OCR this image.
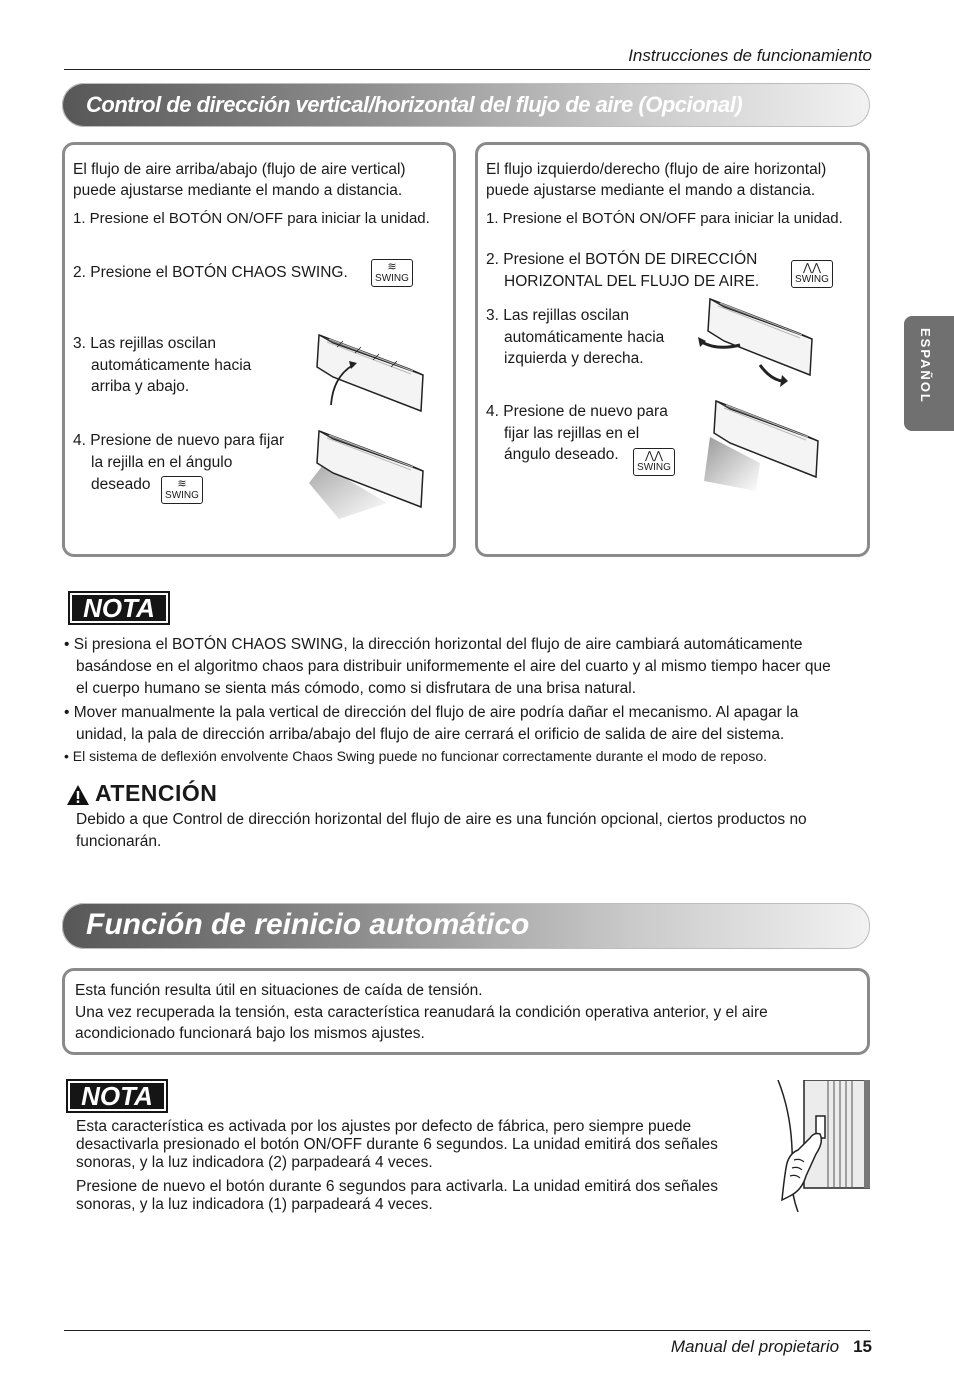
Instrucciones de funcionamiento
ESPAÑOL
Control de dirección vertical/horizontal del flujo de aire (Opcional)
El flujo de aire arriba/abajo (flujo de aire vertical)
puede ajustarse mediante el mando a distancia.
1. Presione el BOTÓN ON/OFF para iniciar la unidad.
2. Presione el BOTÓN CHAOS SWING.	≋
SWING
3. Las rejillas oscilan
automáticamente hacia
arriba y abajo.
4. Presione de nuevo para fijar
la rejilla en el ángulo
deseado	≋
SWING
El flujo izquierdo/derecho (flujo de aire horizontal)
puede ajustarse mediante el mando a distancia.
1. Presione el BOTÓN ON/OFF para iniciar la unidad.
2. Presione el BOTÓN DE DIRECCIÓN
HORIZONTAL DEL FLUJO DE AIRE.
⋀⋀
SWING
3. Las rejillas oscilan
automáticamente hacia
izquierda y derecha.
4. Presione de nuevo para
fijar las rejillas en el
ángulo deseado.	⋀⋀
SWING
NOTA
• Si presiona el BOTÓN CHAOS SWING, la dirección horizontal del flujo de aire cambiará automáticamente
basándose en el algoritmo chaos para distribuir uniformemente el aire del cuarto y al mismo tiempo hacer que
el cuerpo humano se sienta más cómodo, como si disfrutara de una brisa natural.
• Mover manualmente la pala vertical de dirección del flujo de aire podría dañar el mecanismo. Al apagar la
unidad, la pala de dirección arriba/abajo del flujo de aire cerrará el orificio de salida de aire del sistema.
• El sistema de deflexión envolvente Chaos Swing puede no funcionar correctamente durante el modo de reposo.
ATENCIÓN
Debido a que Control de dirección horizontal del flujo de aire es una función opcional, ciertos productos no
funcionarán.
Función de reinicio automático
Esta función resulta útil en situaciones de caída de tensión.
Una vez recuperada la tensión, esta característica reanudará la condición operativa anterior, y el aire
acondicionado funcionará bajo los mismos ajustes.
NOTA
Esta característica es activada por los ajustes por defecto de fábrica, pero siempre puede
desactivarla presionado el botón ON/OFF durante 6 segundos. La unidad emitirá dos señales
sonoras, y la luz indicadora (2) parpadeará 4 veces.
Presione de nuevo el botón durante 6 segundos para activarla. La unidad emitirá dos señales
sonoras, y la luz indicadora (1) parpadeará 4 veces.
Manual del propietario 15
